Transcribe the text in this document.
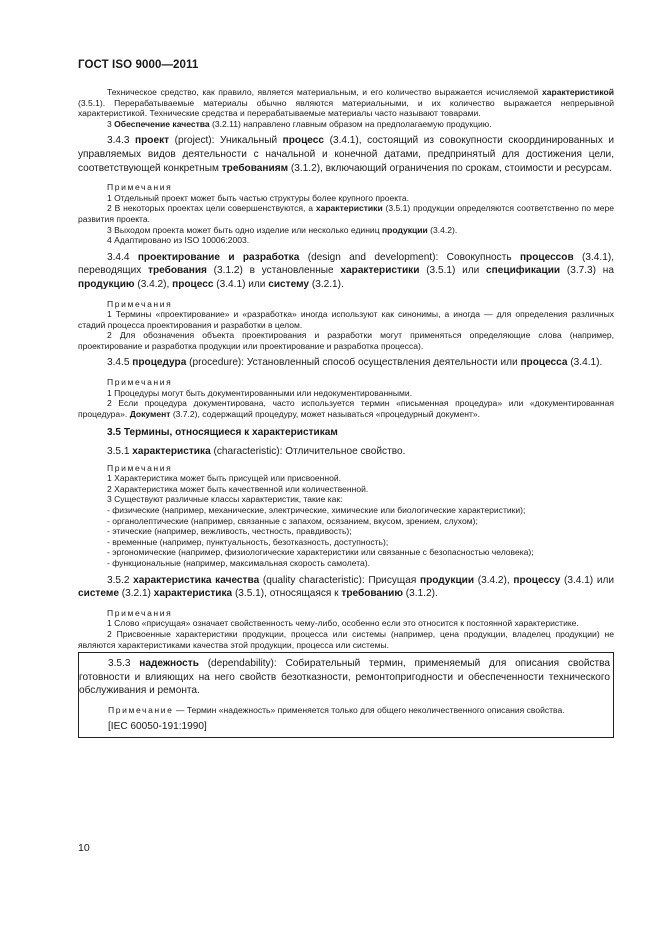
ГОСТ ISO 9000—2011

Техническое средство, как правило, является материальным, и его количество выражается исчисляемой характеристикой (3.5.1). Перерабатываемые материалы обычно являются материальными, и их количество выражается непрерывной характеристикой. Технические средства и перерабатываемые материалы часто называют товарами.

3 Обеспечение качества (3.2.11) направлено главным образом на предполагаемую продукцию.

3.4.3 проект (project): Уникальный процесс (3.4.1), состоящий из совокупности скоординированных и управляемых видов деятельности с начальной и конечной датами, предпринятый для достижения цели, соответствующей конкретным требованиям (3.1.2), включающий ограничения по срокам, стоимости и ресурсам.

Примечания

1 Отдельный проект может быть частью структуры более крупного проекта.

2 В некоторых проектах цели совершенствуются, а характеристики (3.5.1) продукции определяются соответственно по мере развития проекта.

3 Выходом проекта может быть одно изделие или несколько единиц продукции (3.4.2).

4 Адаптировано из ISO 10006:2003.

3.4.4 проектирование и разработка (design and development): Совокупность процессов (3.4.1), переводящих требования (3.1.2) в установленные характеристики (3.5.1) или спецификации (3.7.3) на продукцию (3.4.2), процесс (3.4.1) или систему (3.2.1).

Примечания

1 Термины «проектирование» и «разработка» иногда используют как синонимы, а иногда — для определения различных стадий процесса проектирования и разработки в целом.

2 Для обозначения объекта проектирования и разработки могут применяться определяющие слова (например, проектирование и разработка продукции или проектирование и разработка процесса).

3.4.5 процедура (procedure): Установленный способ осуществления деятельности или процесса (3.4.1).

Примечания

1 Процедуры могут быть документированными или недокументированными.

2 Если процедура документирована, часто используется термин «письменная процедура» или «документированная процедура». Документ (3.7.2), содержащий процедуру, может называться «процедурный документ».

3.5 Термины, относящиеся к характеристикам

3.5.1 характеристика (characteristic): Отличительное свойство.

Примечания

1 Характеристика может быть присущей или присвоенной.

2 Характеристика может быть качественной или количественной.

3 Существуют различные классы характеристик, такие как:

- физические (например, механические, электрические, химические или биологические характеристики);

- органолептические (например, связанные с запахом, осязанием, вкусом, зрением, слухом);

- этические (например, вежливость, честность, правдивость);

- временные (например, пунктуальность, безотказность, доступность);

- эргономические (например, физиологические характеристики или связанные с безопасностью человека);

- функциональные (например, максимальная скорость самолета).

3.5.2 характеристика качества (quality characteristic): Присущая продукции (3.4.2), процессу (3.4.1) или системе (3.2.1) характеристика (3.5.1), относящаяся к требованию (3.1.2).

Примечания

1 Слово «присущая» означает свойственность чему-либо, особенно если это относится к постоянной характеристике.

2 Присвоенные характеристики продукции, процесса или системы (например, цена продукции, владелец продукции) не являются характеристиками качества этой продукции, процесса или системы.

3.5.3 надежность (dependability): Собирательный термин, применяемый для описания свойства готовности и влияющих на него свойств безотказности, ремонтопригодности и обеспеченности технического обслуживания и ремонта.

Примечание — Термин «надежность» применяется только для общего неколичественного описания свойства.

[IEC 60050-191:1990]

10
